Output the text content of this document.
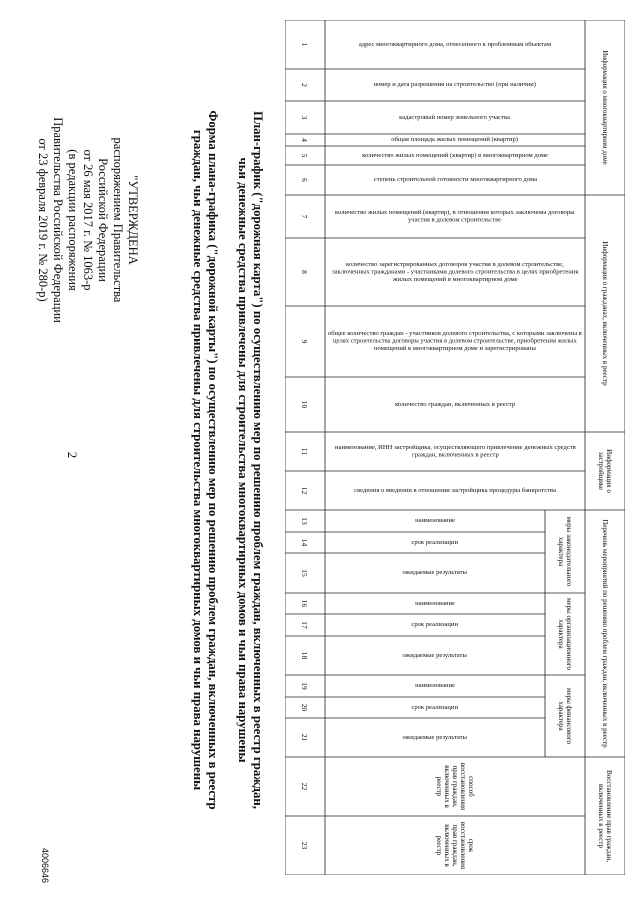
2
"УТВЕРЖДЕНА
распоряжением Правительства
Российской Федерации
от 26 мая 2017 г. № 1063-р
(в редакции распоряжения
Правительства Российской Федерации
от 23 февраля 2019 г. № 280-р)	Форма плана-графика ("дорожной карты") по осуществлению мер по решению проблем граждан, включенных в реестр
граждан, чьи денежные средства привлечены для строительства многоквартирных домов и чьи права нарушены	План-график ("дорожная карта") по осуществлению мер по решению проблем граждан, включенных в реестр граждан,
чьи денежные средства привлечены для строительства многоквартирных домов и чьи права нарушены
4006646
Информация о многоквартирном доме
Информация о гражданах, включенных в реестр
Информация о застройщике
Перечень мероприятий по решению проблем граждан, включенных в реестр
Восстановление прав граждан, включенных в реестр
меры законодательного характера
меры организационного характера
меры финансового характера
адрес многоквартирного дома, отнесенного к проблемным объектам
номер и дата разрешения на строительство (при наличии)
кадастровый номер земельного участка
общая площадь жилых помещений (квартир)
количество жилых помещений (квартир) в многоквартирном доме
степень строительной готовности многоквартирного дома
количество жилых помещений (квартир), в отношении которых заключены договоры участия в долевом строительстве
количество зарегистрированных договоров участия в долевом строительстве, заключенных гражданами - участниками долевого строительства в целях приобретения жилых помещений в многоквартирном доме
общее количество граждан - участников долевого строительства, с которыми заключены в целях строительства договоры участия в долевом строительстве, приобретения жилых помещений в многоквартирном доме и зарегистрированы
количество граждан, включенных в реестр
наименование, ИНН застройщика, осуществляющего привлечение денежных средств граждан, включенных в реестр
сведения о введении в отношении застройщика процедуры банкротства
наименование
срок реализации
ожидаемые результаты
наименование
срок реализации
ожидаемые результаты
наименование
срок реализации
ожидаемые результаты
способ восстановления прав граждан, включенных в реестр
срок восстановления прав граждан, включенных в реестр
1
2
3
4
5
6
7
8
9
10
11
12
13
14
15
16
17
18
19
20
21
22
23
